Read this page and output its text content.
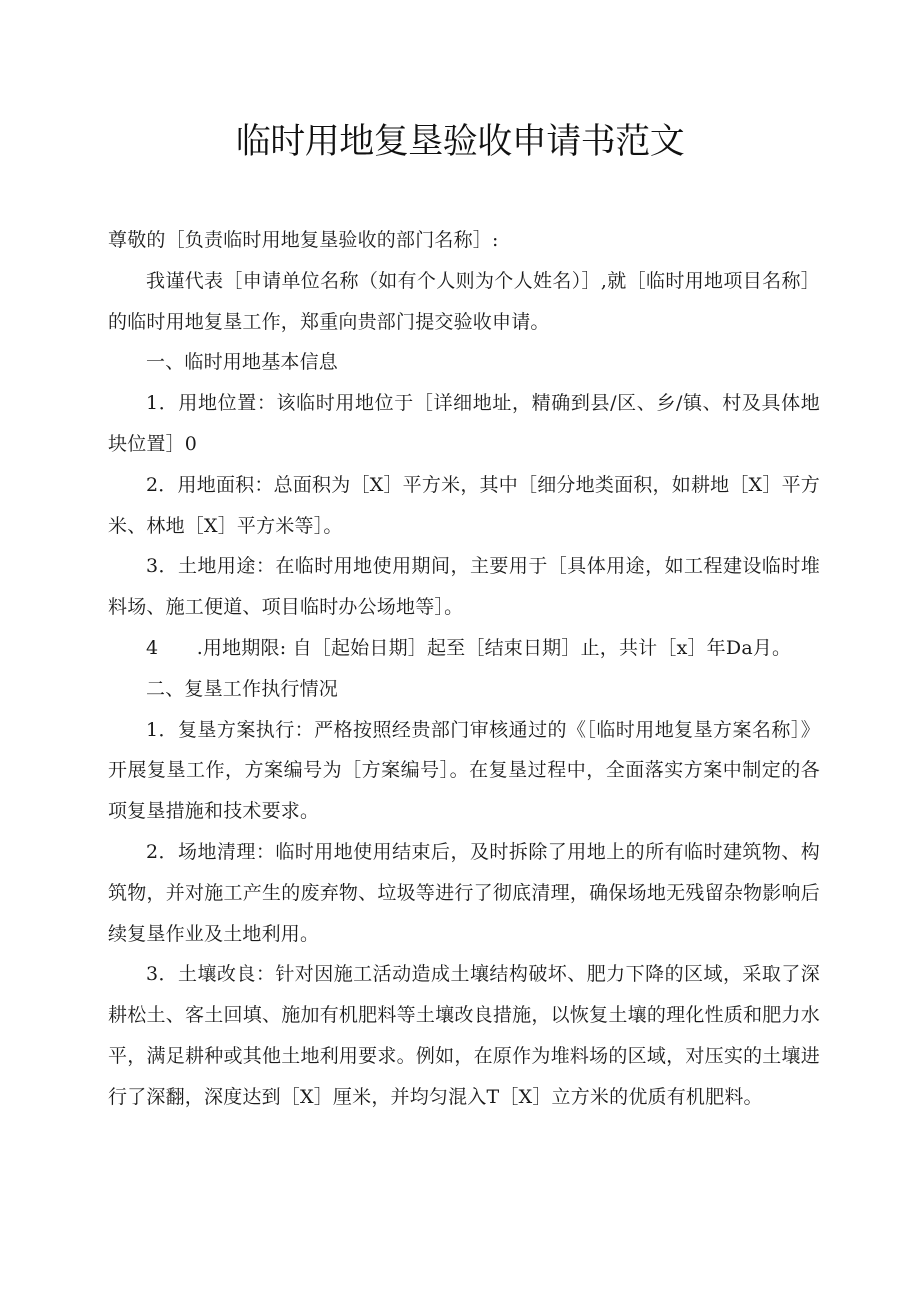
临时用地复垦验收申请书范文

尊敬的［负责临时用地复垦验收的部门名称］:

我谨代表［申请单位名称（如有个人则为个人姓名）］,就［临时用地项目名称］的临时用地复垦工作，郑重向贵部门提交验收申请。

一、临时用地基本信息

1．用地位置：该临时用地位于［详细地址，精确到县/区、乡/镇、村及具体地块位置］0

2．用地面积：总面积为［X］平方米，其中［细分地类面积，如耕地［X］平方米、林地［X］平方米等］。

3．土地用途：在临时用地使用期间，主要用于［具体用途，如工程建设临时堆料场、施工便道、项目临时办公场地等］。

4　　.用地期限: 自［起始日期］起至［结束日期］止，共计［x］年Da月。

二、复垦工作执行情况

1．复垦方案执行：严格按照经贵部门审核通过的《［临时用地复垦方案名称］》开展复垦工作，方案编号为［方案编号］。在复垦过程中，全面落实方案中制定的各项复垦措施和技术要求。

2．场地清理：临时用地使用结束后，及时拆除了用地上的所有临时建筑物、构筑物，并对施工产生的废弃物、垃圾等进行了彻底清理，确保场地无残留杂物影响后续复垦作业及土地利用。

3．土壤改良：针对因施工活动造成土壤结构破坏、肥力下降的区域，采取了深耕松土、客土回填、施加有机肥料等土壤改良措施，以恢复土壤的理化性质和肥力水平，满足耕种或其他土地利用要求。例如，在原作为堆料场的区域，对压实的土壤进行了深翻，深度达到［X］厘米，并均匀混入T［X］立方米的优质有机肥料。
